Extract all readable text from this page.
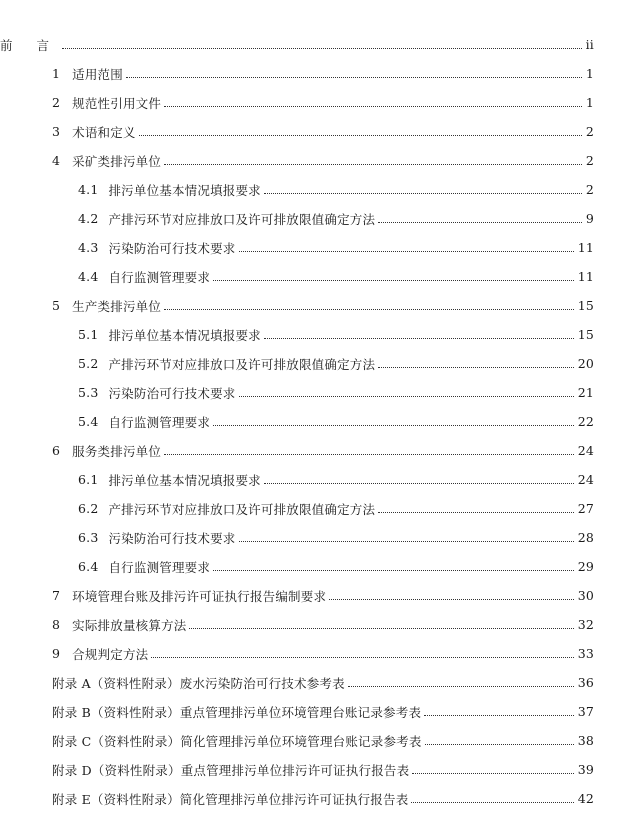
前 言	ii
1 适用范围	1
2 规范性引用文件	1
3 术语和定义	2
4 采矿类排污单位	2
4.1 排污单位基本情况填报要求	2
4.2 产排污环节对应排放口及许可排放限值确定方法	9
4.3 污染防治可行技术要求	11
4.4 自行监测管理要求	11
5 生产类排污单位	15
5.1 排污单位基本情况填报要求	15
5.2 产排污环节对应排放口及许可排放限值确定方法	20
5.3 污染防治可行技术要求	21
5.4 自行监测管理要求	22
6 服务类排污单位	24
6.1 排污单位基本情况填报要求	24
6.2 产排污环节对应排放口及许可排放限值确定方法	27
6.3 污染防治可行技术要求	28
6.4 自行监测管理要求	29
7 环境管理台账及排污许可证执行报告编制要求	30
8 实际排放量核算方法	32
9 合规判定方法	33
附录 A（资料性附录）废水污染防治可行技术参考表	36
附录 B（资料性附录）重点管理排污单位环境管理台账记录参考表	37
附录 C（资料性附录）简化管理排污单位环境管理台账记录参考表	38
附录 D（资料性附录）重点管理排污单位排污许可证执行报告表	39
附录 E（资料性附录）简化管理排污单位排污许可证执行报告表	42
